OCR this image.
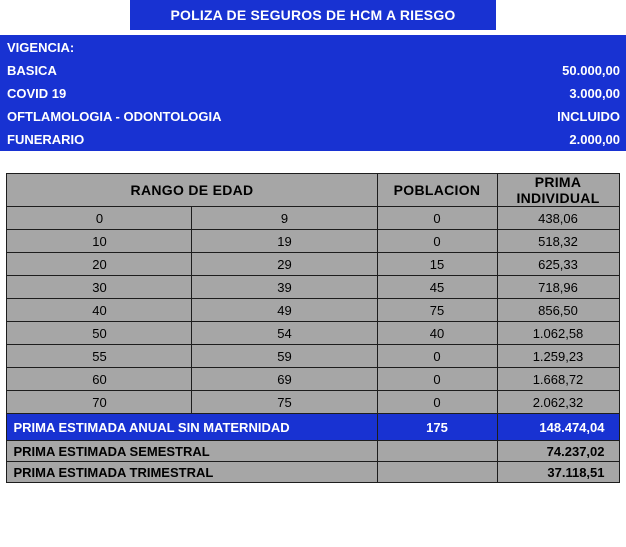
	POLIZA DE SEGUROS DE HCM A RIESGO	
VIGENCIA:	
BASICA	50.000,00
COVID 19	3.000,00
OFTLAMOLOGIA - ODONTOLOGIA	INCLUIDO
FUNERARIO	2.000,00
RANGO DE EDAD		POBLACION	PRIMA
INDIVIDUAL
0	9	0	438,06
10	19	0	518,32
20	29	15	625,33
30	39	45	718,96
40	49	75	856,50
50	54	40	1.062,58
55	59	0	1.259,23
60	69	0	1.668,72
70	75	0	2.062,32
PRIMA ESTIMADA ANUAL SIN MATERNIDAD		175	148.474,04
PRIMA ESTIMADA SEMESTRAL			74.237,02
PRIMA ESTIMADA TRIMESTRAL			37.118,51
